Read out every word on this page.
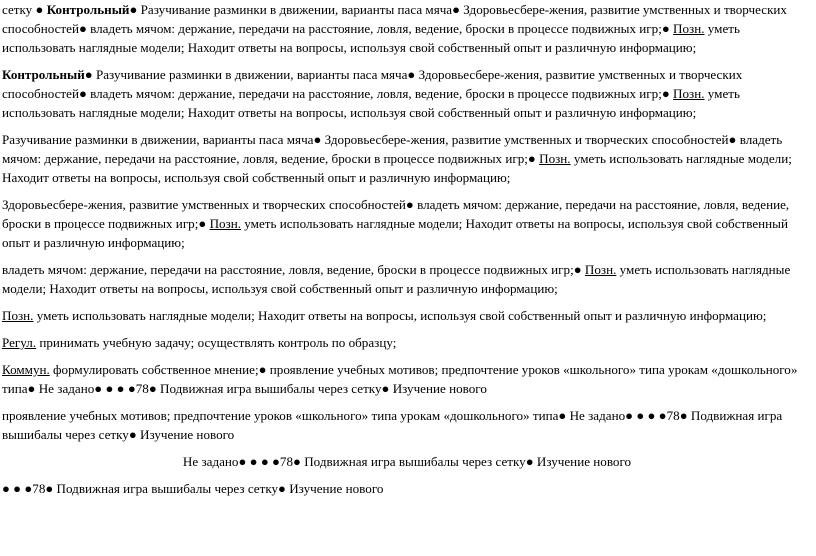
сетку ● Контрольный● Разучивание разминки в движении, варианты паса мяча● Здоровьесбере-жения, развитие умственных и творческих способностей● владеть мячом: держание, передачи на расстояние, ловля, ведение, броски в процессе подвижных игр;● Позн. уметь использовать наглядные модели; Находит ответы на вопросы, используя свой собственный опыт и различную информацию;

Контрольный● Разучивание разминки в движении, варианты паса мяча● Здоровьесбере-жения, развитие умственных и творческих способностей● владеть мячом: держание, передачи на расстояние, ловля, ведение, броски в процессе подвижных игр;● Позн. уметь использовать наглядные модели; Находит ответы на вопросы, используя свой собственный опыт и различную информацию;

Разучивание разминки в движении, варианты паса мяча● Здоровьесбере-жения, развитие умственных и творческих способностей● владеть мячом: держание, передачи на расстояние, ловля, ведение, броски в процессе подвижных игр;● Позн. уметь использовать наглядные модели; Находит ответы на вопросы, используя свой собственный опыт и различную информацию;

Здоровьесбере-жения, развитие умственных и творческих способностей● владеть мячом: держание, передачи на расстояние, ловля, ведение, броски в процессе подвижных игр;● Позн. уметь использовать наглядные модели; Находит ответы на вопросы, используя свой собственный опыт и различную информацию;

владеть мячом: держание, передачи на расстояние, ловля, ведение, броски в процессе подвижных игр;● Позн. уметь использовать наглядные модели; Находит ответы на вопросы, используя свой собственный опыт и различную информацию;

Позн. уметь использовать наглядные модели; Находит ответы на вопросы, используя свой собственный опыт и различную информацию;

Регул. принимать учебную задачу; осуществлять контроль по образцу;

Коммун. формулировать собственное мнение;● проявление учебных мотивов; предпочтение уроков «школьного» типа урокам «дошкольного» типа● Не задано● ● ● ●78● Подвижная игра вышибалы через сетку● Изучение нового

проявление учебных мотивов; предпочтение уроков «школьного» типа урокам «дошкольного» типа● Не задано● ● ● ●78● Подвижная игра вышибалы через сетку● Изучение нового

Не задано● ● ● ●78● Подвижная игра вышибалы через сетку● Изучение нового

● ● ●78● Подвижная игра вышибалы через сетку● Изучение нового
